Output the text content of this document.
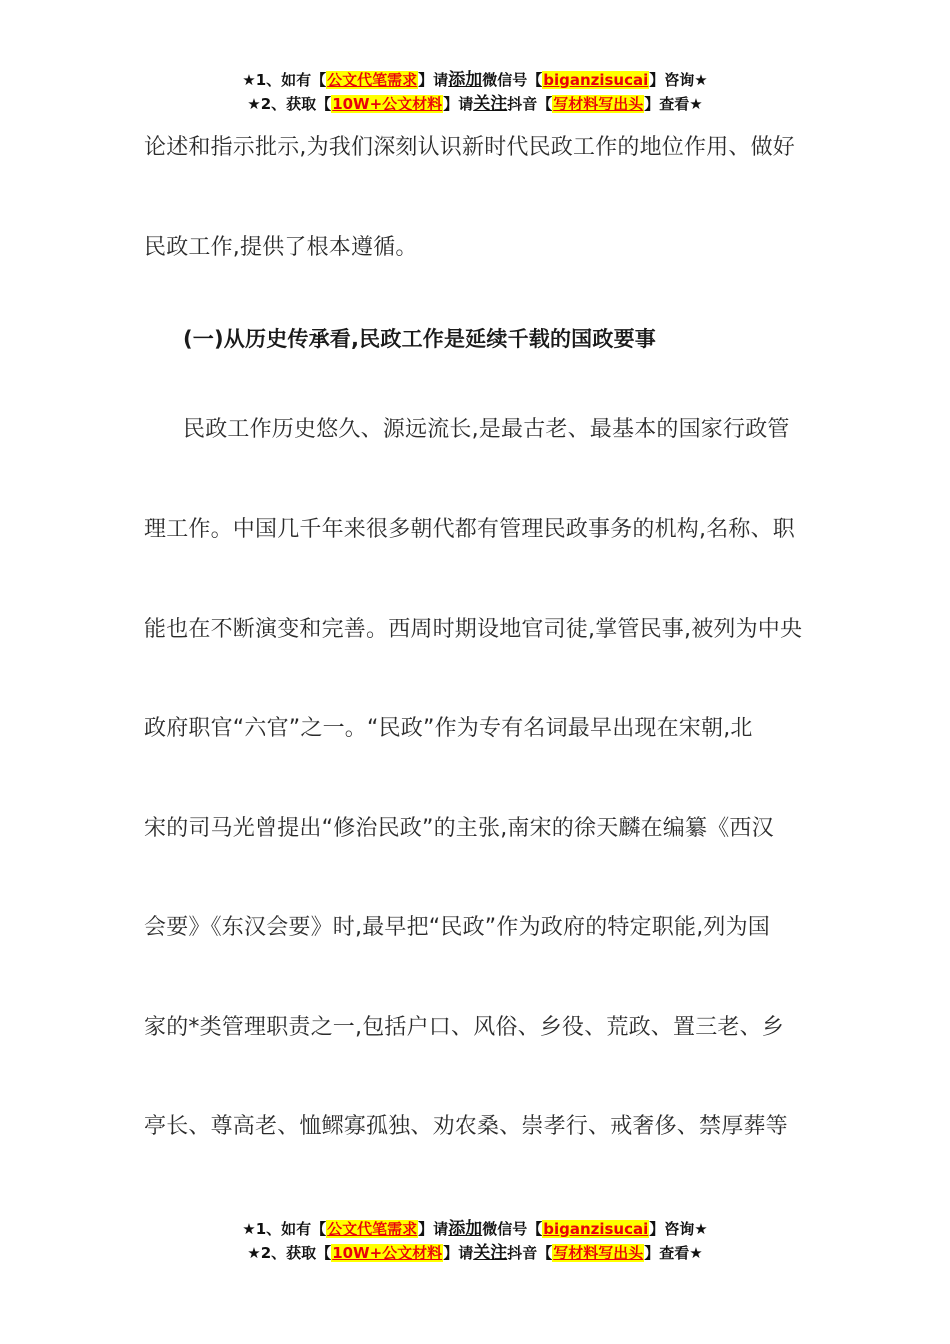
★1、如有【公文代笔需求】请添加微信号【biganzisucai】咨询★
★2、获取【10W+公文材料】请关注抖音【写材料写出头】查看★
论述和指示批示,为我们深刻认识新时代民政工作的地位作用、做好
民政工作,提供了根本遵循。
(一)从历史传承看,民政工作是延续千载的国政要事
民政工作历史悠久、源远流长,是最古老、最基本的国家行政管
理工作。中国几千年来很多朝代都有管理民政事务的机构,名称、职
能也在不断演变和完善。西周时期设地官司徒,掌管民事,被列为中央
政府职官“六官”之一。“民政”作为专有名词最早出现在宋朝,北
宋的司马光曾提出“修治民政”的主张,南宋的徐天麟在编纂《西汉
会要》《东汉会要》时,最早把“民政”作为政府的特定职能,列为国
家的*类管理职责之一,包括户口、风俗、乡役、荒政、置三老、乡
亭长、尊高老、恤鳏寡孤独、劝农桑、崇孝行、戒奢侈、禁厚葬等
★1、如有【公文代笔需求】请添加微信号【biganzisucai】咨询★
★2、获取【10W+公文材料】请关注抖音【写材料写出头】查看★
